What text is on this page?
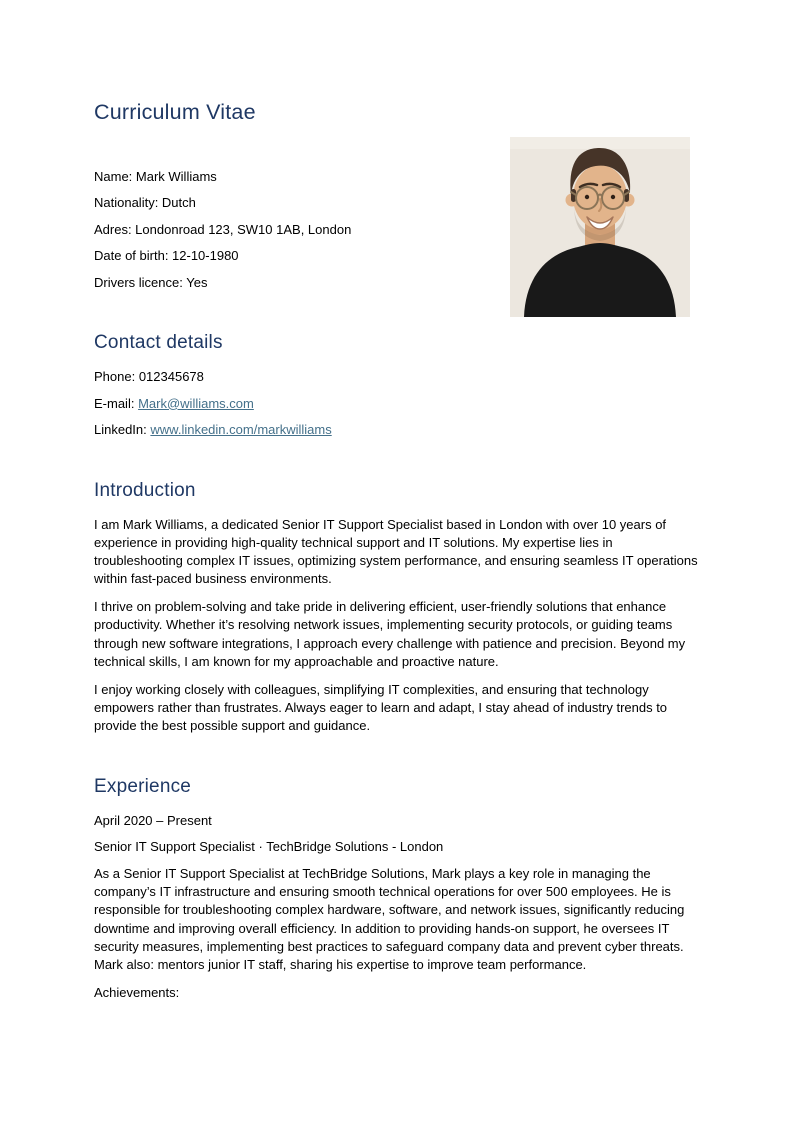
Curriculum Vitae

Name: Mark Williams

Nationality: Dutch

Adres: Londonroad 123, SW10 1AB, London

Date of birth: 12-10-1980

Drivers licence: Yes

Contact details

Phone: 012345678

E-mail: Mark@williams.com

LinkedIn: www.linkedin.com/markwilliams

Introduction

I am Mark Williams, a dedicated Senior IT Support Specialist based in London with over 10 years of experience in providing high-quality technical support and IT solutions. My expertise lies in troubleshooting complex IT issues, optimizing system performance, and ensuring seamless IT operations within fast-paced business environments.

I thrive on problem-solving and take pride in delivering efficient, user-friendly solutions that enhance productivity. Whether it’s resolving network issues, implementing security protocols, or guiding teams through new software integrations, I approach every challenge with patience and precision. Beyond my technical skills, I am known for my approachable and proactive nature.

I enjoy working closely with colleagues, simplifying IT complexities, and ensuring that technology empowers rather than frustrates. Always eager to learn and adapt, I stay ahead of industry trends to provide the best possible support and guidance.

Experience

April 2020 – Present

Senior IT Support Specialist · TechBridge Solutions - London

As a Senior IT Support Specialist at TechBridge Solutions, Mark plays a key role in managing the company’s IT infrastructure and ensuring smooth technical operations for over 500 employees. He is responsible for troubleshooting complex hardware, software, and network issues, significantly reducing downtime and improving overall efficiency. In addition to providing hands-on support, he oversees IT security measures, implementing best practices to safeguard company data and prevent cyber threats. Mark also: mentors junior IT staff, sharing his expertise to improve team performance.

Achievements:
